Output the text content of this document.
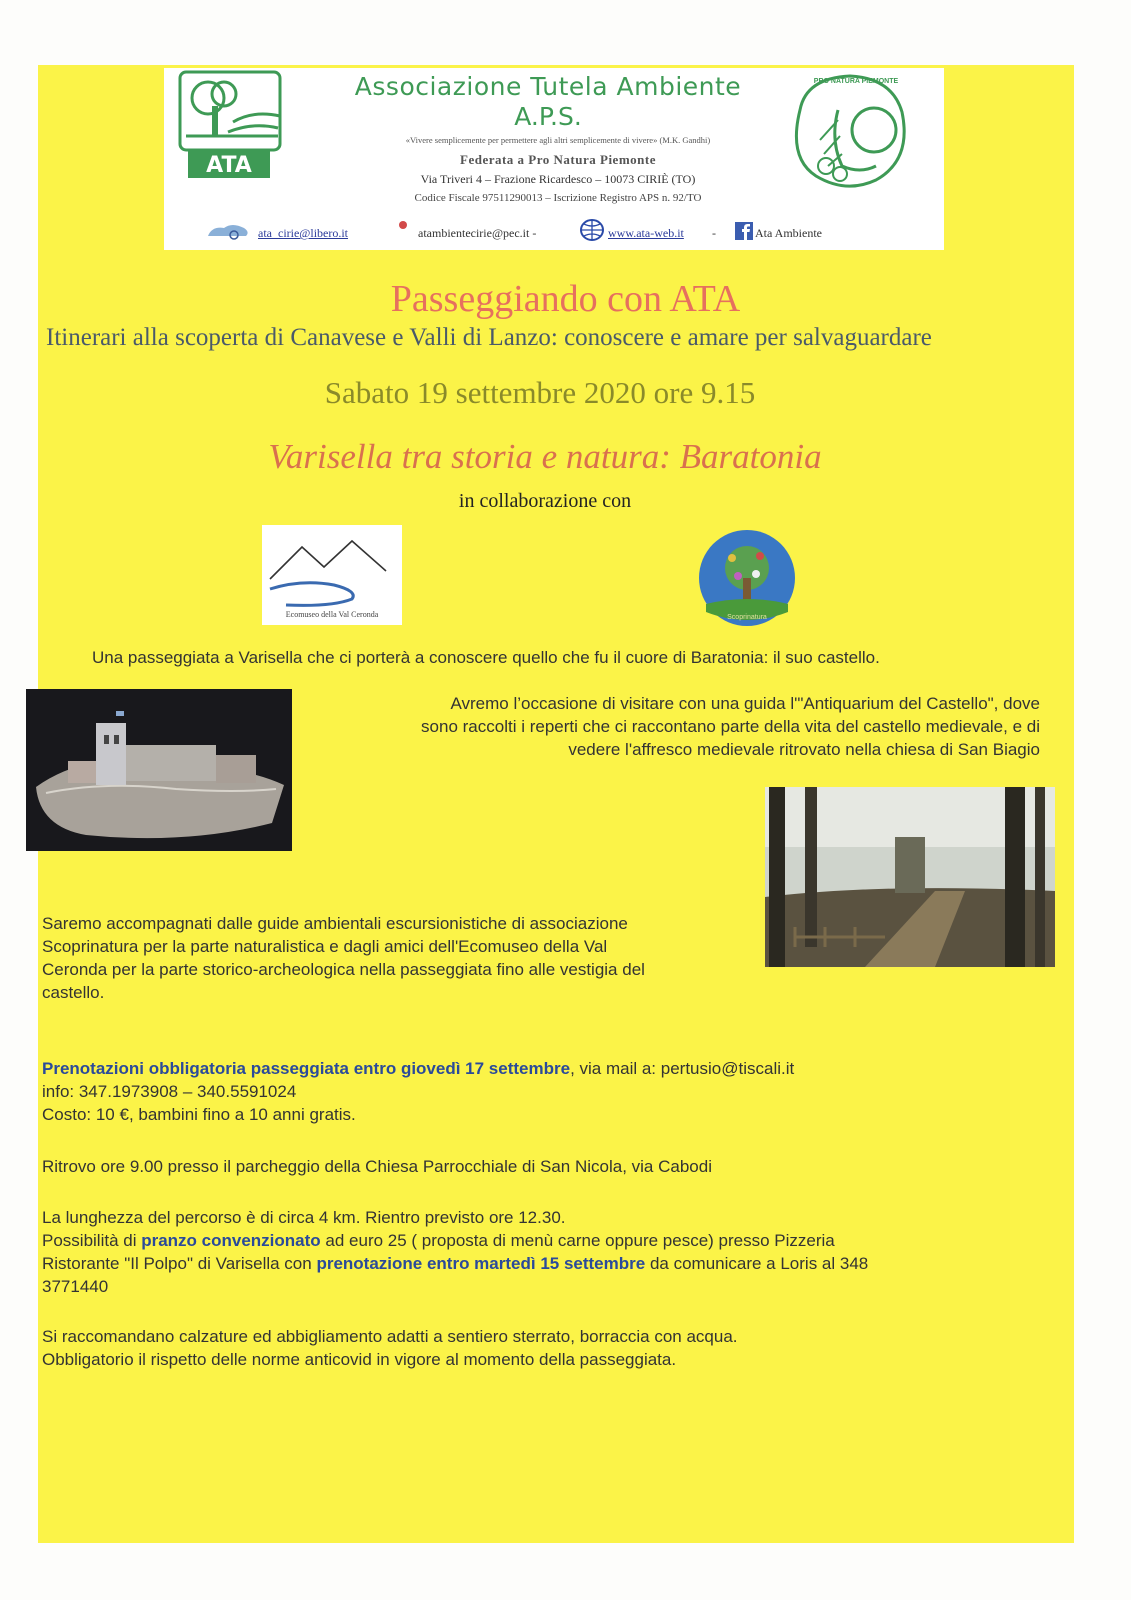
ATA
PRO NATURA PIEMONTE
Associazione Tutela Ambiente
A.P.S.
«Vivere semplicemente per permettere agli altri semplicemente di vivere» (M.K. Gandhi)
Federata a Pro Natura Piemonte
Via Triveri 4 – Frazione Ricardesco – 10073 CIRIÈ (TO)
Codice Fiscale 97511290013 – Iscrizione Registro APS n. 92/TO
ata_cirie@libero.it	atambientecirie@pec.it -	www.ata-web.it -	Ata Ambiente
Passeggiando con ATA
Itinerari alla scoperta di Canavese e Valli di Lanzo: conoscere e amare per salvaguardare
Sabato 19 settembre 2020 ore 9.15
Varisella tra storia e natura: Baratonia
in collaborazione con
Ecomuseo della Val Ceronda	Scoprinatura
Una passeggiata a Varisella che ci porterà a conoscere quello che fu il cuore di Baratonia: il suo castello.
Avremo l’occasione di visitare con una guida l'"Antiquarium del Castello", dove
sono raccolti i reperti che ci raccontano parte della vita del castello medievale, e di
vedere l'affresco medievale ritrovato nella chiesa di San Biagio
Saremo accompagnati dalle guide ambientali escursionistiche di associazione
Scoprinatura per la parte naturalistica e dagli amici dell'Ecomuseo della Val
Ceronda per la parte storico-archeologica nella passeggiata fino alle vestigia del
castello.
Prenotazioni obbligatoria passeggiata entro giovedì 17 settembre, via mail a: pertusio@tiscali.it
info: 347.1973908 – 340.5591024
Costo: 10 €, bambini fino a 10 anni gratis.
Ritrovo ore 9.00 presso il parcheggio della Chiesa Parrocchiale di San Nicola, via Cabodi
La lunghezza del percorso è di circa 4 km. Rientro previsto ore 12.30.
Possibilità di pranzo convenzionato ad euro 25 ( proposta di menù carne oppure pesce) presso Pizzeria
Ristorante "Il Polpo" di Varisella con prenotazione entro martedì 15 settembre da comunicare a Loris al 348
3771440
Si raccomandano calzature ed abbigliamento adatti a sentiero sterrato, borraccia con acqua.
Obbligatorio il rispetto delle norme anticovid in vigore al momento della passeggiata.
